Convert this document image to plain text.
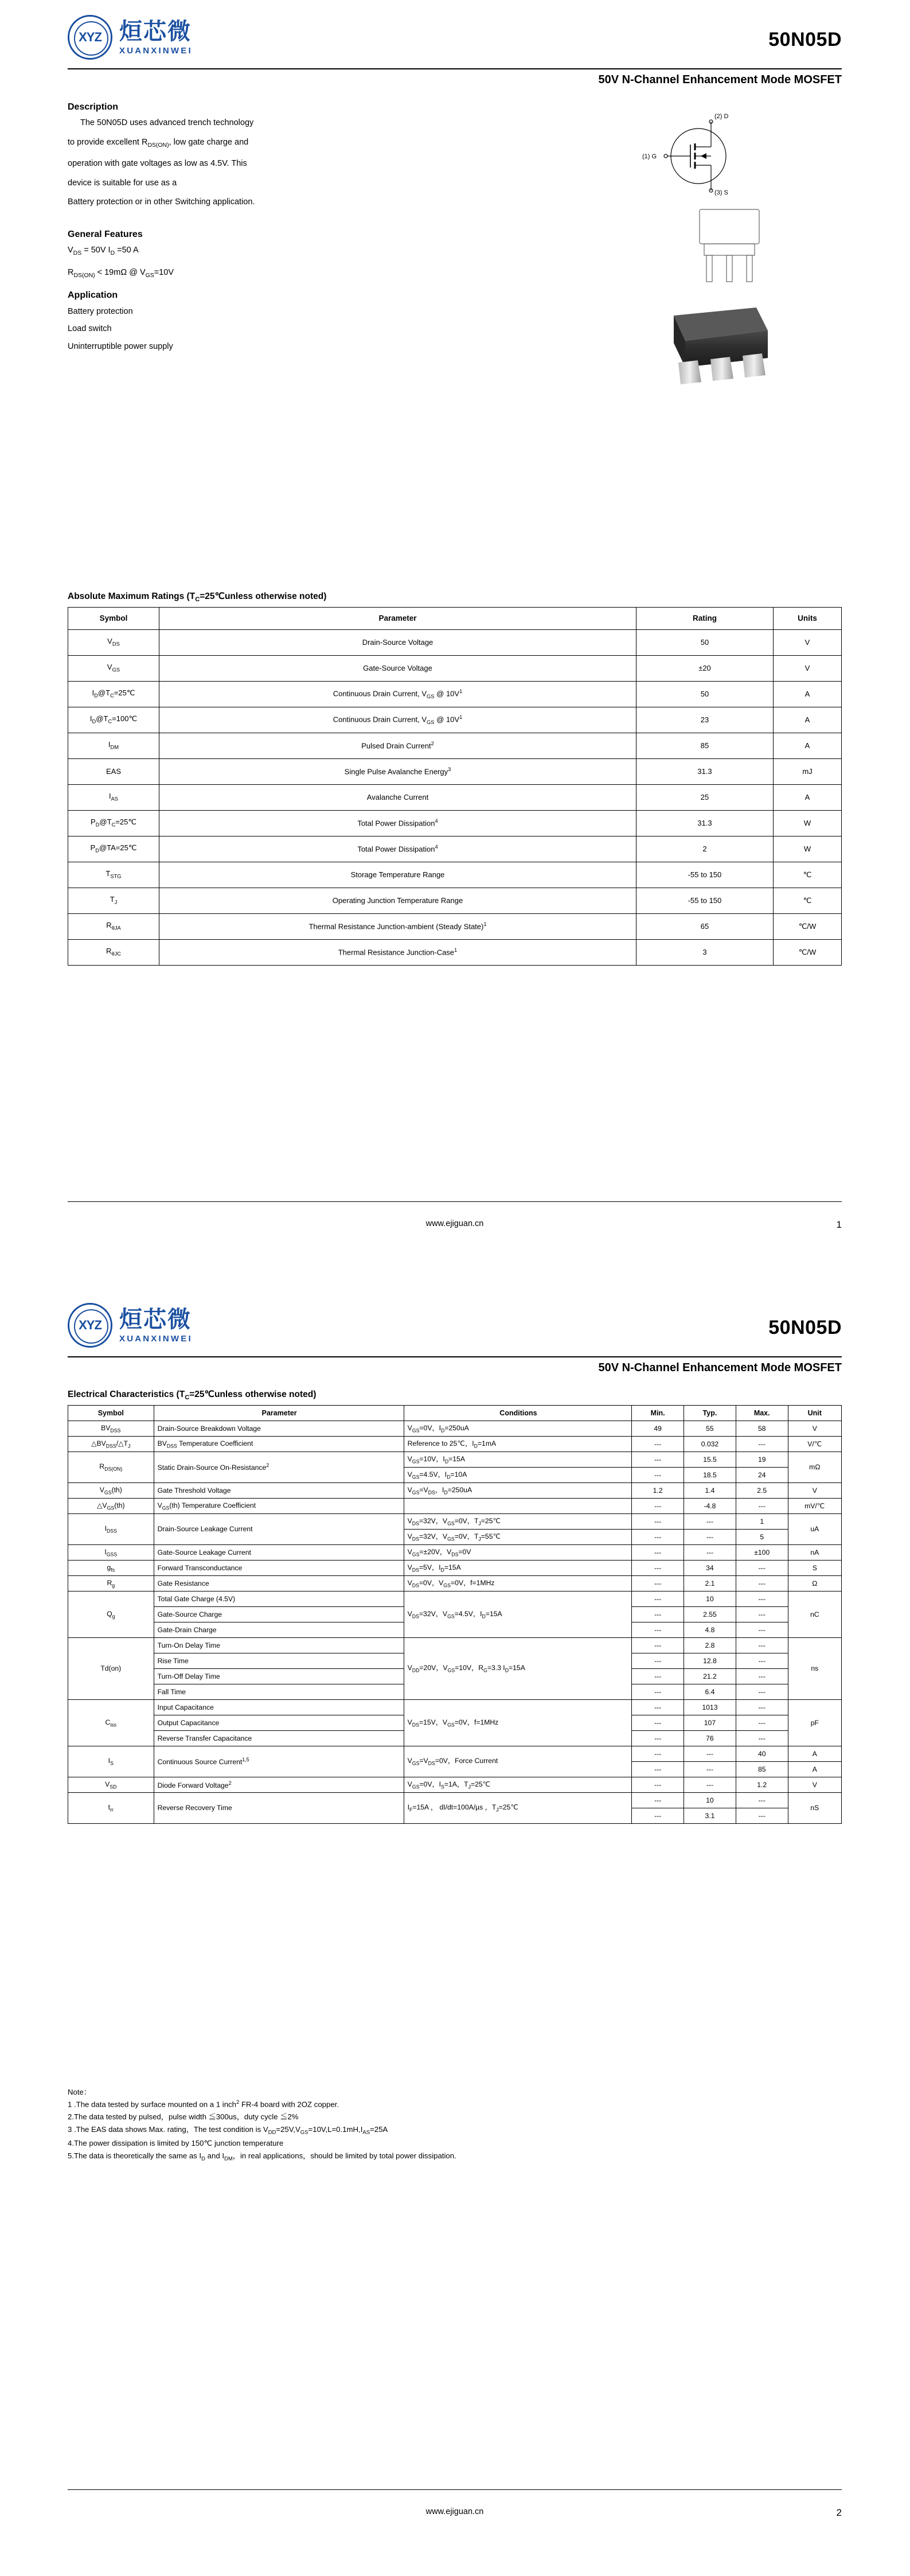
XYZ 烜芯微
XUANXINWEI	50N05D
50V N-Channel Enhancement Mode MOSFET
Description
The 50N05D uses advanced trench technology
to provide excellent $R_{DS(ON)}$, low gate charge and
operation with gate voltages as low as 4.5V. This
device is suitable for use as a
Battery protection or in other Switching application.
General Features
$V_{DS} = 50V$ $I_D =50$ A
$R_{DS(ON)} < 19m\Omega$ @ $V_{GS}=10V$
Application
Battery protection
Load switch
Uninterruptible power supply
(2) D
(1) G
(3) S
Absolute Maximum Ratings ($T_C=25℃unless$ otherwise noted)
Symbol	Parameter	Rating	Units
$V_{DS}$	Drain-Source Voltage	50	V
$V_{GS}$	Gate-Source Voltage	±20	V
$I_D@T_C=25℃$	Continuous Drain Current, $V_{GS}$ @ $10V^1$	50	A
$I_D@T_C=100℃$	Continuous Drain Current, $V_{GS}$ @ $10V^1$	23	A
$I_{DM}$	Pulsed Drain Current$^2$	85	A
EAS	Single Pulse Avalanche Energy$^3$	31.3	mJ
$I_{AS}$	Avalanche Current	25	A
$P_D@T_C=25℃$	Total Power Dissipation$^4$	31.3	W
$P_D@TA=25℃$	Total Power Dissipation$^4$	2	W
$T_{STG}$	Storage Temperature Range	-55 to 150	℃
$T_J$	Operating Junction Temperature Range	-55 to 150	℃
$R_{\theta JA}$	Thermal Resistance Junction-ambient (Steady State)$^1$	65	℃/W
$R_{\theta JC}$	Thermal Resistance Junction-Case$^1$	3	℃/W
www.ejiguan.cn	1
XYZ 烜芯微
XUANXINWEI	50N05D
50V N-Channel Enhancement Mode MOSFET
Electrical Characteristics ($T_C=25℃unless$ otherwise noted)
Symbol	Parameter	Conditions	Min.	Typ.	Max.	Unit
$BV_{DSS}$	Drain-Source Breakdown Voltage	$V_{GS}=0V$，$I_D=250uA$	49	55	58	V
$\triangle BV_{DSS}/\triangle T_J$	$BV_{DSS}$ Temperature Coefficient	Reference to 25℃，$I_D=1mA$	---	0.032	---	V/℃
$R_{DS(ON)}$	Static Drain-Source On-Resistance$^2$	$V_{GS}=10V$，$I_D=15A$	---	15.5	19	mΩ
		$V_{GS}=4.5V$，$I_D=10A$	---	18.5	24	
$V_{GS}(th)$	Gate Threshold Voltage	$V_{GS}=V_{DS}$，$I_D=250uA$	1.2	1.4	2.5	V
$\triangle V_{GS}(th)$	$V_{GS}(th)$ Temperature Coefficient		---	-4.8	---	mV/℃
$I_{DSS}$	Drain-Source Leakage Current	$V_{DS}=32V$，$V_{GS}=0V$，$T_J=25℃$	---	---	1	uA
		$V_{DS}=32V$，$V_{GS}=0V$，$T_J=55℃$	---	---	5	
$I_{GSS}$	Gate-Source Leakage Current	$V_{GS}=\pm 20V$，$V_{DS}=0V$	---	---	±100	nA
$g_{fs}$	Forward Transconductance	$V_{DS}=5V$，$I_D=15A$	---	34	---	S
$R_g$	Gate Resistance	$V_{DS}=0V$，$V_{GS}=0V$，f=1MHz	---	2.1	---	Ω
$Q_g$	Total Gate Charge (4.5V)	$V_{DS}=32V$，$V_{GS}=4.5V$，$I_D=15A$	---	10	---	nC
	Gate-Source Charge		---	2.55	---	
	Gate-Drain Charge		---	4.8	---	
Td(on)	Turn-On Delay Time	$V_{DD}=20V$，$V_{GS}=10V$，$R_G=3.3$ $I_D=15A$	---	2.8	---	ns
	Rise Time		---	12.8	---	
	Turn-Off Delay Time		---	21.2	---	
	Fall Time		---	6.4	---	
$C_{iss}$	Input Capacitance	$V_{DS}=15V$，$V_{GS}=0V$，f=1MHz	---	1013	---	pF
	Output Capacitance		---	107	---	
	Reverse Transfer Capacitance		---	76	---	
$I_S$	Continuous Source Current$^{1,5}$	$V_{GS}=V_{DS}=0V$，Force Current	---	---	40	A
			---	---	85	A
$V_{SD}$	Diode Forward Voltage$^2$	$V_{GS}=0V$，$I_S=1A$，$T_J=25℃$	---	---	1.2	V
$t_{rr}$	Reverse Recovery Time	$I_F=15A$ ， dI/dt=100A/µs ，$T_J=25℃$	---	10	---	nS
			---	3.1	---	
Note：
1 .The data tested by surface mounted on a 1 inch$^2$ FR-4 board with 2OZ copper.
2.The data tested by pulsed，pulse width ≦300us，duty cycle ≦2%
3 .The EAS data shows Max. rating，The test condition is $V_{DD}=25V,V_{GS}=10V,L=0.1mH,I_{AS}=25A$
4.The power dissipation is limited by 150℃ junction temperature
5.The data is theoretically the same as $I_D$ and $I_{DM}$，in real applications，should be limited by total power dissipation.
www.ejiguan.cn	2
